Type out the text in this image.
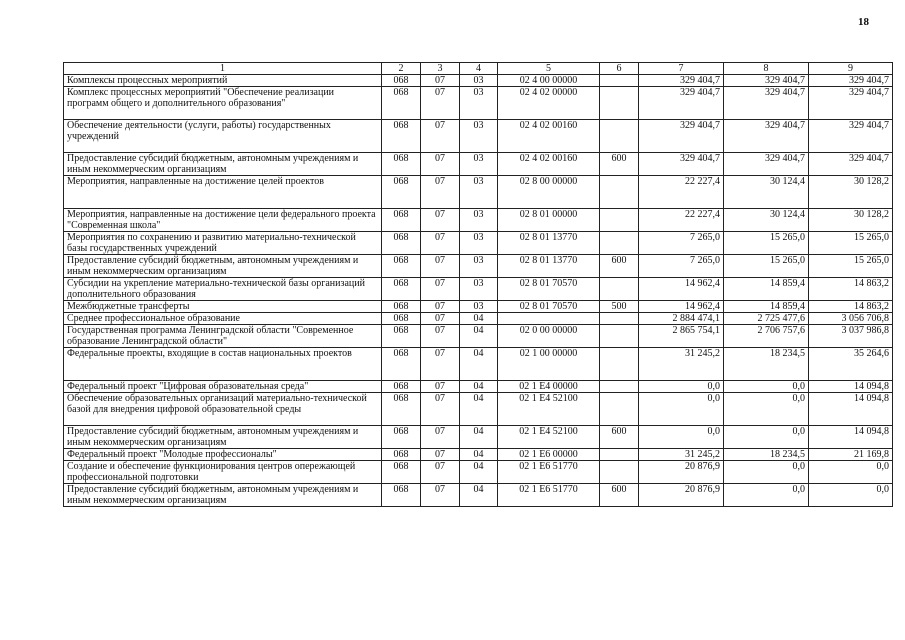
18
1	2	3	4	5	6	7	8	9
Комплексы процессных мероприятий	068	07	03	02 4 00 00000		329 404,7	329 404,7	329 404,7
Комплекс процессных мероприятий "Обеспечение реализации программ общего и дополнительного образования"	068	07	03	02 4 02 00000		329 404,7	329 404,7	329 404,7
Обеспечение деятельности (услуги, работы) государственных учреждений	068	07	03	02 4 02 00160		329 404,7	329 404,7	329 404,7
Предоставление субсидий бюджетным, автономным учреждениям и иным некоммерческим организациям	068	07	03	02 4 02 00160	600	329 404,7	329 404,7	329 404,7
Мероприятия, направленные на достижение целей проектов	068	07	03	02 8 00 00000		22 227,4	30 124,4	30 128,2
Мероприятия, направленные на достижение цели федерального проекта "Современная школа"	068	07	03	02 8 01 00000		22 227,4	30 124,4	30 128,2
Мероприятия по сохранению и развитию материально-технической базы государственных учреждений	068	07	03	02 8 01 13770		7 265,0	15 265,0	15 265,0
Предоставление субсидий бюджетным, автономным учреждениям и иным некоммерческим организациям	068	07	03	02 8 01 13770	600	7 265,0	15 265,0	15 265,0
Субсидии на укрепление материально-технической базы организаций дополнительного образования	068	07	03	02 8 01 70570		14 962,4	14 859,4	14 863,2
Межбюджетные трансферты	068	07	03	02 8 01 70570	500	14 962,4	14 859,4	14 863,2
Среднее профессиональное образование	068	07	04			2 884 474,1	2 725 477,6	3 056 706,8
Государственная программа Ленинградской области "Современное образование Ленинградской области"	068	07	04	02 0 00 00000		2 865 754,1	2 706 757,6	3 037 986,8
Федеральные проекты, входящие в состав национальных проектов	068	07	04	02 1 00 00000		31 245,2	18 234,5	35 264,6
Федеральный проект "Цифровая образовательная среда"	068	07	04	02 1 E4 00000		0,0	0,0	14 094,8
Обеспечение образовательных организаций материально-технической базой для внедрения цифровой образовательной среды	068	07	04	02 1 E4 52100		0,0	0,0	14 094,8
Предоставление субсидий бюджетным, автономным учреждениям и иным некоммерческим организациям	068	07	04	02 1 E4 52100	600	0,0	0,0	14 094,8
Федеральный проект "Молодые профессионалы"	068	07	04	02 1 E6 00000		31 245,2	18 234,5	21 169,8
Создание и обеспечение функционирования центров опережающей профессиональной подготовки	068	07	04	02 1 E6 51770		20 876,9	0,0	0,0
Предоставление субсидий бюджетным, автономным учреждениям и иным некоммерческим организациям	068	07	04	02 1 E6 51770	600	20 876,9	0,0	0,0
